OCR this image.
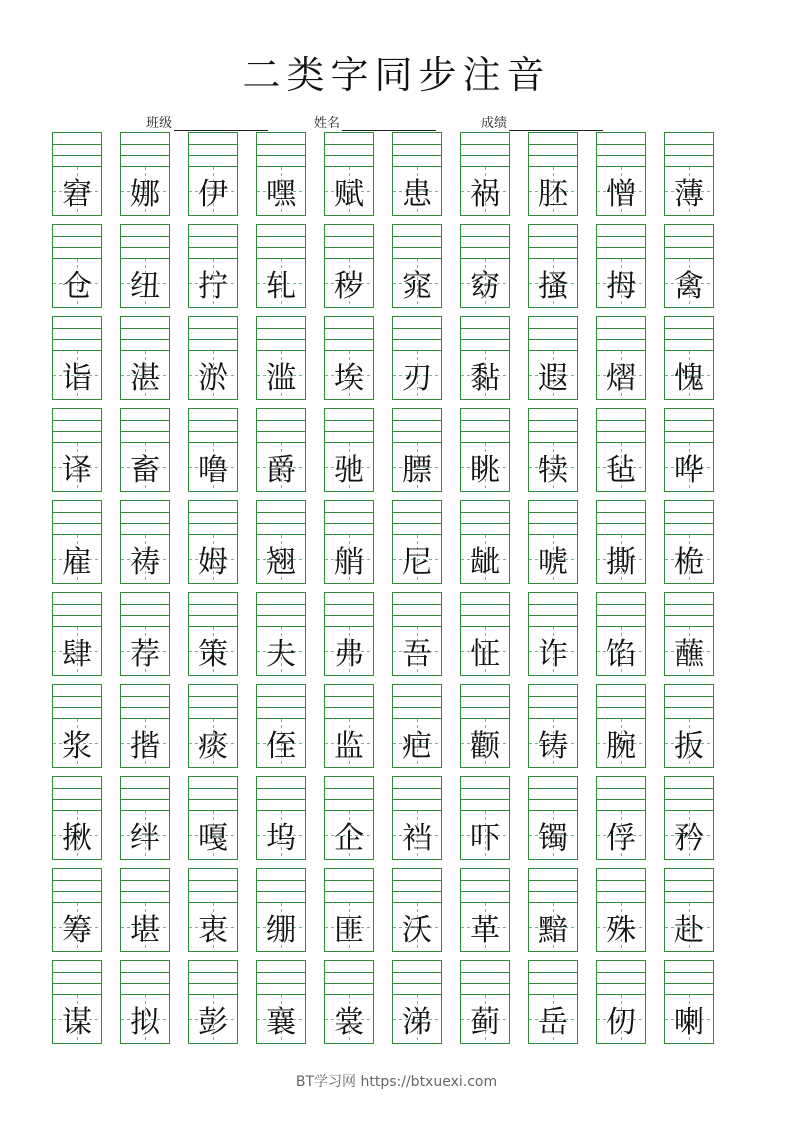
二类字同步注音
班级	姓名	成绩
窘	娜	伊	嘿	赋	患	祸	胚	憎	薄
仓	纽	拧	轧	秽	窕	窈	搔	拇	禽
诣	湛	淤	滥	埃	刃	黏	遐	熠	愧
译	畜	噜	爵	驰	膘	眺	犊	毡	哗
雇	祷	姆	翘	艄	尼	龇	唬	撕	桅
肆	荐	策	夫	弗	吾	怔	诈	馅	蘸
浆	揩	痰	侄	监	疤	颧	铸	腕	扳
揪	绊	嘎	坞	企	裆	吓	镯	俘	矜
筹	堪	衷	绷	匪	沃	革	黯	殊	赴
谋	拟	彭	襄	裳	涕	蓟	岳	仞	喇
BT学习网 https://btxuexi.com
